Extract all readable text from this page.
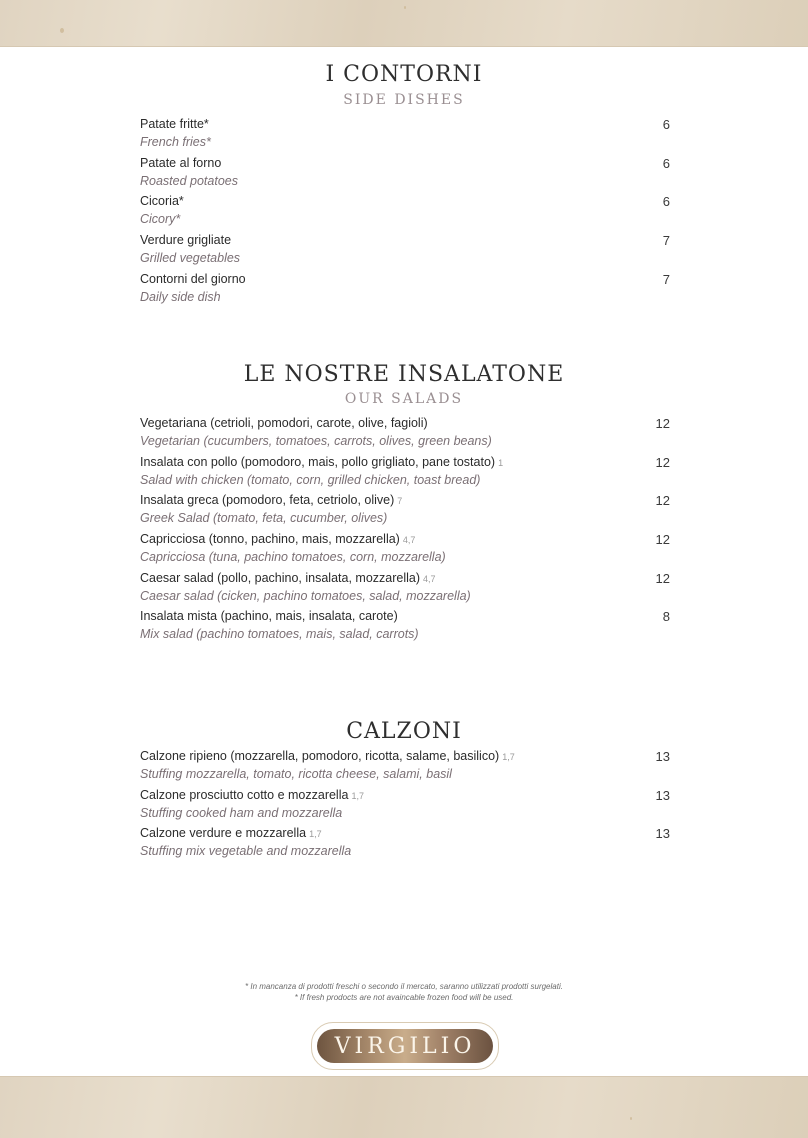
I CONTORNI
SIDE DISHES
Patate fritte*
French fries*
6
Patate al forno
Roasted potatoes
6
Cicoria*
Cicory*
6
Verdure grigliate
Grilled vegetables
7
Contorni del giorno
Daily side dish
7
LE NOSTRE INSALATONE
OUR SALADS
Vegetariana (cetrioli, pomodori, carote, olive, fagioli)
Vegetarian (cucumbers, tomatoes, carrots, olives, green beans)
12
Insalata con pollo (pomodoro, mais, pollo grigliato, pane tostato) 1
Salad with chicken (tomato, corn, grilled chicken, toast bread)
12
Insalata greca (pomodoro, feta, cetriolo, olive) 7
Greek Salad (tomato, feta, cucumber, olives)
12
Capricciosa (tonno, pachino, mais, mozzarella) 4,7
Capricciosa (tuna, pachino tomatoes, corn, mozzarella)
12
Caesar salad (pollo, pachino, insalata, mozzarella) 4,7
Caesar salad (cicken, pachino tomatoes, salad, mozzarella)
12
Insalata mista (pachino, mais, insalata, carote)
Mix salad (pachino tomatoes, mais, salad, carrots)
8
CALZONI
Calzone ripieno (mozzarella, pomodoro, ricotta, salame, basilico) 1,7
Stuffing mozzarella, tomato, ricotta cheese, salami, basil
13
Calzone prosciutto cotto e mozzarella 1,7
Stuffing cooked ham and mozzarella
13
Calzone verdure e mozzarella 1,7
Stuffing mix vegetable and mozzarella
13
* In mancanza di prodotti freschi o secondo il mercato, saranno utilizzati prodotti surgelati.
* If fresh prodocts are not avaincable frozen food will be used.
VIRGILIO
